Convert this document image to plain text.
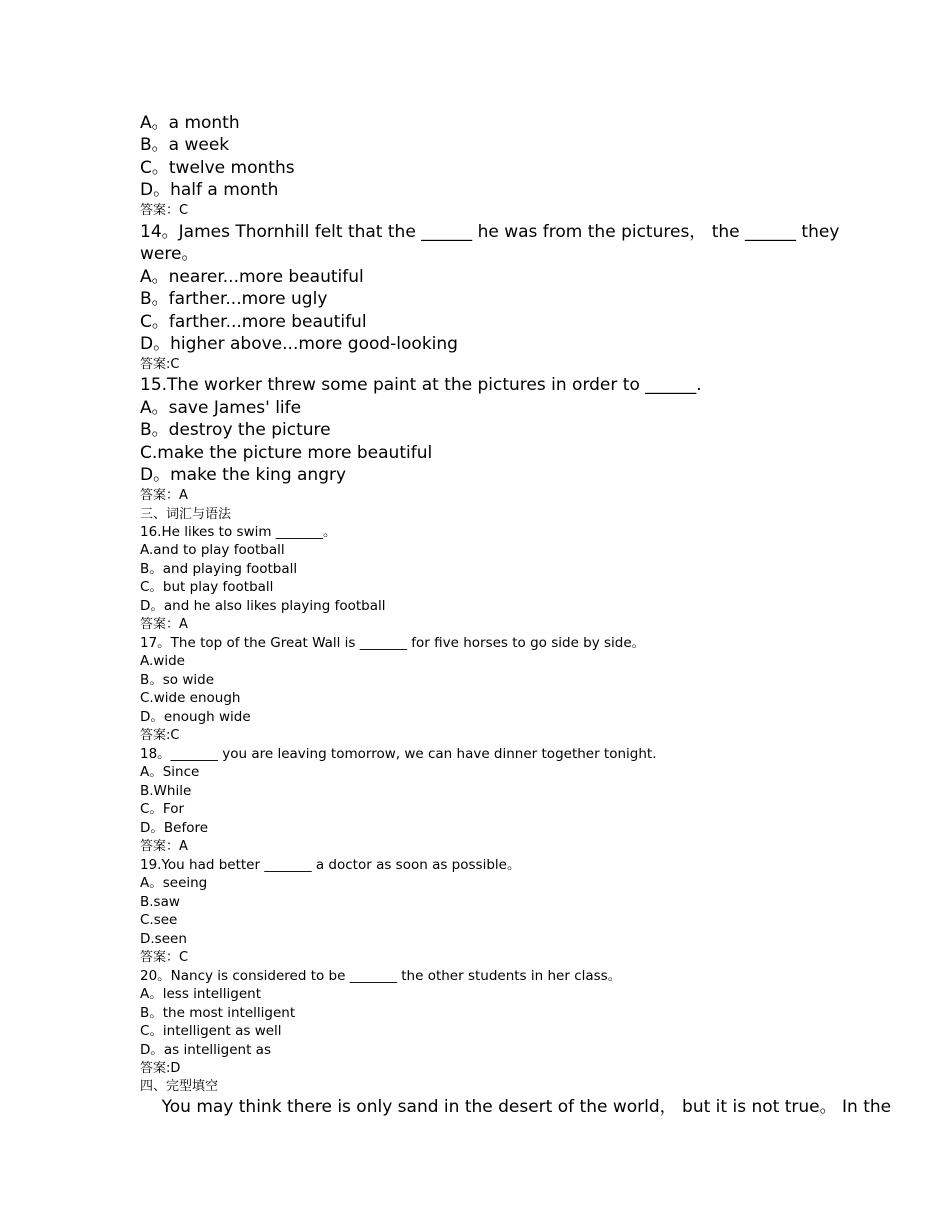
A。a month
B。a week
C。twelve months
D。half a month
答案：C
14。James Thornhill felt that the ______ he was from the pictures， the ______ they
were。
A。nearer...more beautiful
B。farther...more ugly
C。farther...more beautiful
D。higher above...more good-looking
答案:C
15.The worker threw some paint at the pictures in order to ______.
A。save James' life
B。destroy the picture
C.make the picture more beautiful
D。make the king angry
答案：A
三、词汇与语法
16.He likes to swim _______。
A.and to play football
B。and playing football
C。but play football
D。and he also likes playing football
答案：A
17。The top of the Great Wall is _______ for five horses to go side by side。
A.wide
B。so wide
C.wide enough
D。enough wide
答案:C
18。_______ you are leaving tomorrow, we can have dinner together tonight.
A。Since
B.While
C。For
D。Before
答案：A
19.You had better _______ a doctor as soon as possible。
A。seeing
B.saw
C.see
D.seen
答案：C
20。Nancy is considered to be _______ the other students in her class。
A。less intelligent
B。the most intelligent
C。intelligent as well
D。as intelligent as
答案:D
四、完型填空
You may think there is only sand in the desert of the world， but it is not true。 In the
